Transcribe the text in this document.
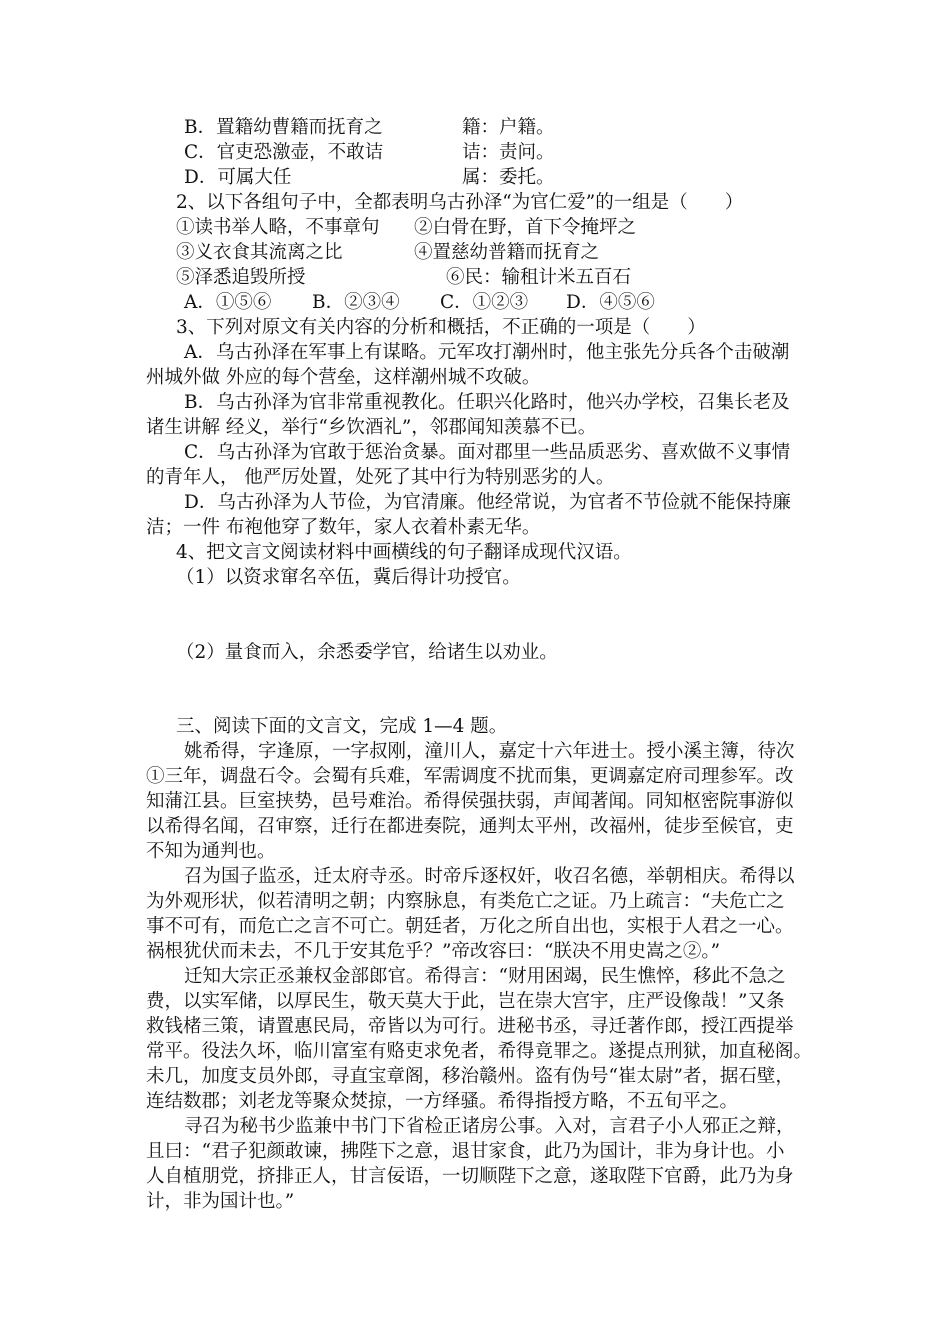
B．置籍幼曹籍而抚育之	籍：户籍。
C．官吏恐激壶，不敢诘	诘：责问。
D．可属大任	属：委托。
2、以下各组句子中，全都表明乌古孙泽“为官仁爱”的一组是（　　）
①读书举人略，不事章句 ②白骨在野，首下令掩坪之
③义衣食其流离之比	④置慈幼普籍而抚育之
⑤泽悉追毁所授	⑥民：输租计米五百石
A．①⑤⑥ B．②③④ C．①②③ D．④⑤⑥
3、下列对原文有关内容的分析和概括，不正确的一项是（　　）
A．乌古孙泽在军事上有谋略。元军攻打潮州时，他主张先分兵各个击破潮
州城外做 外应的每个营垒，这样潮州城不攻破。
B．乌古孙泽为官非常重视教化。任职兴化路时，他兴办学校，召集长老及
诸生讲解 经义，举行“乡饮酒礼”，邻郡闻知羡慕不已。
C．乌古孙泽为官敢于惩治贪暴。面对郡里一些品质恶劣、喜欢做不义事情
的青年人， 他严厉处置，处死了其中行为特别恶劣的人。
D．乌古孙泽为人节俭，为官清廉。他经常说，为官者不节俭就不能保持廉
洁；一件 布袍他穿了数年，家人衣着朴素无华。
4、把文言文阅读材料中画横线的句子翻译成现代汉语。
（1）以资求窜名卒伍，冀后得计功授官。
（2）量食而入，余悉委学官，给诸生以劝业。
三、阅读下面的文言文，完成 1—4 题。
姚希得，字逢原，一字叔刚，潼川人，嘉定十六年进士。授小溪主簿，待次
①三年，调盘石令。会蜀有兵难，军需调度不扰而集，更调嘉定府司理参军。改
知蒲江县。巨室挟势，邑号难治。希得侯强扶弱，声闻著闻。同知枢密院事游似
以希得名闻，召审察，迁行在都进奏院，通判太平州，改福州，徒步至候官，吏
不知为通判也。
召为国子监丞，迁太府寺丞。时帝斥逐权奸，收召名德，举朝相庆。希得以
为外观形状，似若清明之朝；内察脉息，有类危亡之证。乃上疏言：“夫危亡之
事不可有，而危亡之言不可亡。朝廷者，万化之所自出也，实根于人君之一心。
祸根犹伏而未去，不几于安其危乎？”帝改容曰：“朕决不用史嵩之②。”
迁知大宗正丞兼权金部郎官。希得言：“财用困竭，民生憔悴，移此不急之
费，以实军储，以厚民生，敬天莫大于此，岂在崇大宫宇，庄严设像哉！”又条
救钱楮三策，请置惠民局，帝皆以为可行。进秘书丞，寻迁著作郎，授江西提举
常平。役法久坏，临川富室有赂吏求免者，希得竟罪之。遂提点刑狱，加直秘阁。
未几，加度支员外郎，寻直宝章阁，移治赣州。盗有伪号“崔太尉”者，据石壁，
连结数郡；刘老龙等聚众焚掠，一方绎骚。希得指授方略，不五旬平之。
寻召为秘书少监兼中书门下省检正诸房公事。入对，言君子小人邪正之辩，
且曰：“君子犯颜敢谏，拂陛下之意，退甘家食，此乃为国计，非为身计也。小
人自植朋党，挤排正人，甘言佞语，一切顺陛下之意，遂取陛下官爵，此乃为身
计，非为国计也。”
